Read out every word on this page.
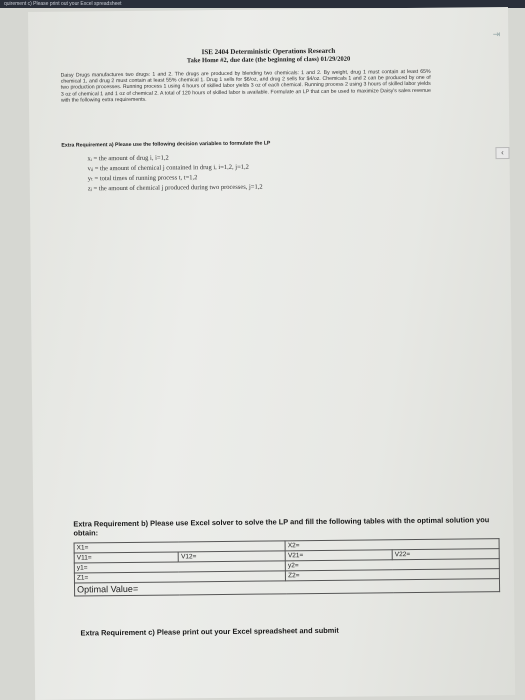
quirement c) Please print out your Excel spreadsheet
⇥
‹
ISE 2404 Deterministic Operations Research
Take Home #2, due date (the beginning of class) 01/29/2020
Daisy Drugs manufactures two drugs: 1 and 2. The drugs are produced by blending two chemicals: 1 and 2. By weight, drug 1 must contain at least 65% chemical 1, and drug 2 must contain at least 55% chemical 1. Drug 1 sells for $6/oz, and drug 2 sells for $4/oz. Chemicals 1 and 2 can be produced by one of two production processes. Running process 1 using 4 hours of skilled labor yields 3 oz of each chemical. Running process 2 using 3 hours of skilled labor yields 3 oz of chemical 1 and 1 oz of chemical 2. A total of 120 hours of skilled labor is available. Formulate an LP that can be used to maximize Daisy's sales revenue with the following extra requirements.
Extra Requirement a) Please use the following decision variables to formulate the LP
xᵢ = the amount of drug i, i=1,2
vᵢⱼ = the amount of chemical j contained in drug i, i=1,2, j=1,2
yₜ = total times of running process t, t=1,2
zⱼ = the amount of chemical j produced during two processes, j=1,2
Extra Requirement b) Please use Excel solver to solve the LP and fill the following tables with the optimal solution you obtain:
X1=		X2=	
V11=	V12=	V21=	V22=
y1=		y2=	
Z1=		Z2=	
Optimal Value=			
Extra Requirement c) Please print out your Excel spreadsheet and submit
